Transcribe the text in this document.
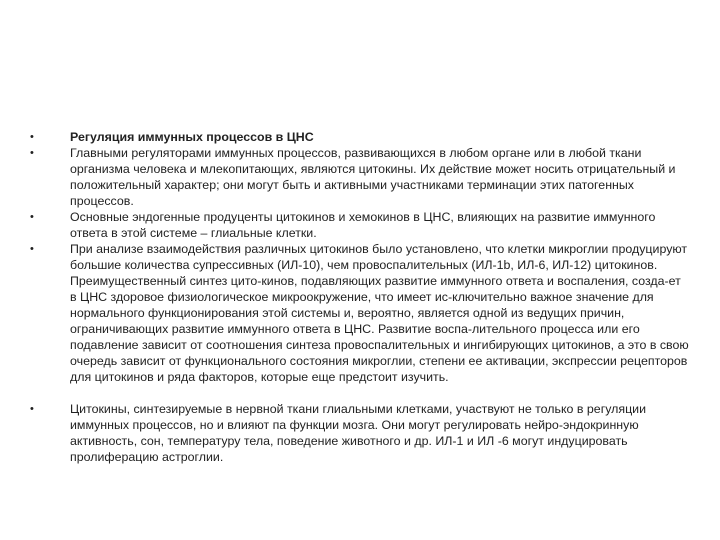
•	Регуляция иммунных процессов в ЦНС
•	Главными регуляторами иммунных процессов, развивающихся в любом органе или в любой ткани организма человека и млекопитающих, являются цитокины. Их действие может носить отрицательный и положительный характер; они могут быть и активными участниками терминации этих патогенных процессов.
•	Основные эндогенные продуценты цитокинов и хемокинов в ЦНС, влияющих на развитие иммунного ответа в этой системе – глиальные клетки.
•	При анализе взаимодействия различных цитокинов было установлено, что клетки микроглии продуцируют большие количества супрессивных (ИЛ-10), чем провоспалительных (ИЛ-1b, ИЛ-6, ИЛ-12) цитокинов. Преимущественный синтез цито-кинов, подавляющих развитие иммунного ответа и воспаления, созда-ет в ЦНС здоровое физиологическое микроокружение, что имеет ис-ключительно важное значение для нормального функционирования этой системы и, вероятно, является одной из ведущих причин, ограничивающих развитие иммунного ответа в ЦНС. Развитие воспа-лительного процесса или его подавление зависит от соотношения синтеза провоспалительных и ингибирующих цитокинов, а это в свою очередь зависит от функционального состояния микроглии, степени ее активации, экспрессии рецепторов для цитокинов и ряда факторов, которые еще предстоит изучить.
•	Цитокины, синтезируемые в нервной ткани глиальными клетками, участвуют не только в регуляции иммунных процессов, но и влияют па функции мозга. Они могут регулировать нейро-эндокринную активность, сон, температуру тела, поведение животного и др. ИЛ-1 и ИЛ -6 могут индуцировать пролиферацию астроглии.
